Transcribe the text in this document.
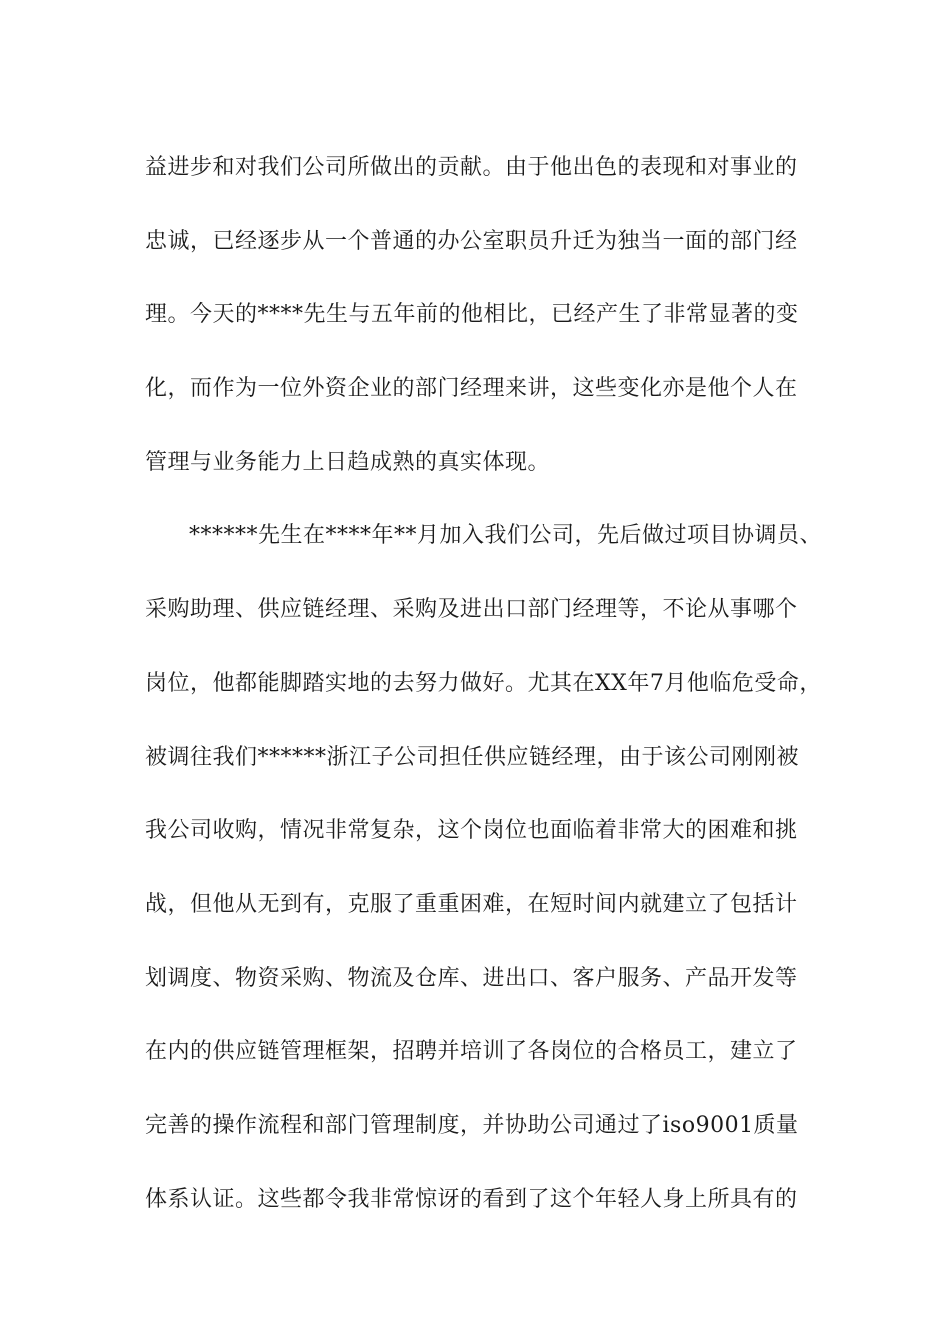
益进步和对我们公司所做出的贡献。由于他出色的表现和对事业的
忠诚，已经逐步从一个普通的办公室职员升迁为独当一面的部门经
理。今天的****先生与五年前的他相比，已经产生了非常显著的变
化，而作为一位外资企业的部门经理来讲，这些变化亦是他个人在
管理与业务能力上日趋成熟的真实体现。
******先生在****年**月加入我们公司，先后做过项目协调员、
采购助理、供应链经理、采购及进出口部门经理等，不论从事哪个
岗位，他都能脚踏实地的去努力做好。尤其在XX年7月他临危受命，
被调往我们******浙江子公司担任供应链经理，由于该公司刚刚被
我公司收购，情况非常复杂，这个岗位也面临着非常大的困难和挑
战，但他从无到有，克服了重重困难，在短时间内就建立了包括计
划调度、物资采购、物流及仓库、进出口、客户服务、产品开发等
在内的供应链管理框架，招聘并培训了各岗位的合格员工，建立了
完善的操作流程和部门管理制度，并协助公司通过了iso9001质量
体系认证。这些都令我非常惊讶的看到了这个年轻人身上所具有的
